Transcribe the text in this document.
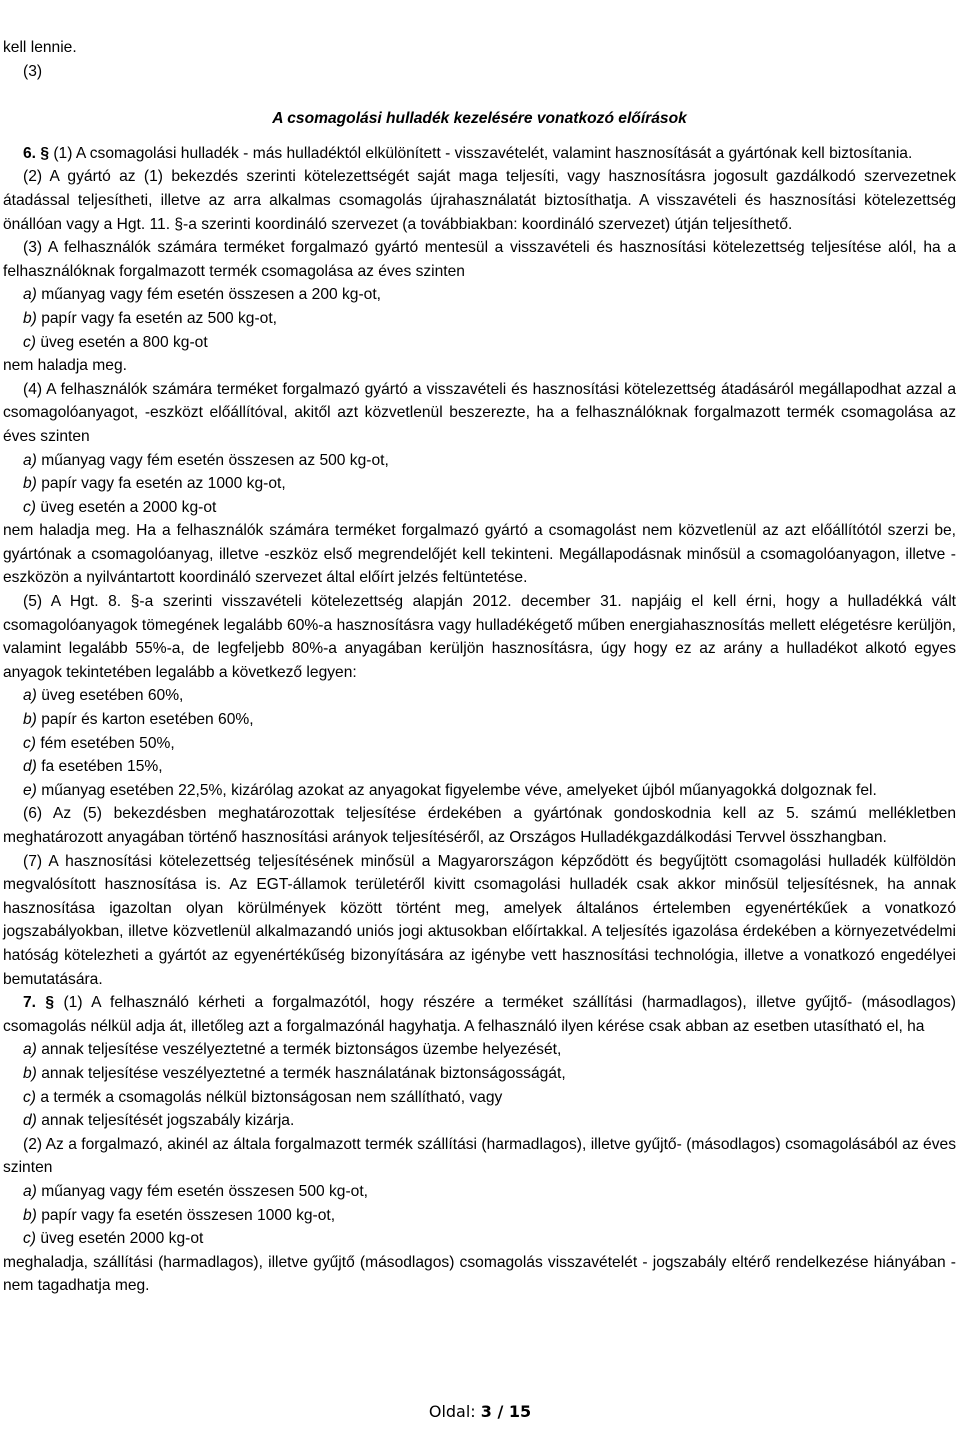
kell lennie.

(3)

A csomagolási hulladék kezelésére vonatkozó előírások

6. § (1) A csomagolási hulladék - más hulladéktól elkülönített - visszavételét, valamint hasznosítását a gyártónak kell biztosítania.

(2) A gyártó az (1) bekezdés szerinti kötelezettségét saját maga teljesíti, vagy hasznosításra jogosult gazdálkodó szervezetnek átadással teljesítheti, illetve az arra alkalmas csomagolás újrahasználatát biztosíthatja. A visszavételi és hasznosítási kötelezettség önállóan vagy a Hgt. 11. §-a szerinti koordináló szervezet (a továbbiakban: koordináló szervezet) útján teljesíthető.

(3) A felhasználók számára terméket forgalmazó gyártó mentesül a visszavételi és hasznosítási kötelezettség teljesítése alól, ha a felhasználóknak forgalmazott termék csomagolása az éves szinten

a) műanyag vagy fém esetén összesen a 200 kg-ot,

b) papír vagy fa esetén az 500 kg-ot,

c) üveg esetén a 800 kg-ot

nem haladja meg.

(4) A felhasználók számára terméket forgalmazó gyártó a visszavételi és hasznosítási kötelezettség átadásáról megállapodhat azzal a csomagolóanyagot, -eszközt előállítóval, akitől azt közvetlenül beszerezte, ha a felhasználóknak forgalmazott termék csomagolása az éves szinten

a) műanyag vagy fém esetén összesen az 500 kg-ot,

b) papír vagy fa esetén az 1000 kg-ot,

c) üveg esetén a 2000 kg-ot

nem haladja meg. Ha a felhasználók számára terméket forgalmazó gyártó a csomagolást nem közvetlenül az azt előállítótól szerzi be, gyártónak a csomagolóanyag, illetve -eszköz első megrendelőjét kell tekinteni. Megállapodásnak minősül a csomagolóanyagon, illetve -eszközön a nyilvántartott koordináló szervezet által előírt jelzés feltüntetése.

(5) A Hgt. 8. §-a szerinti visszavételi kötelezettség alapján 2012. december 31. napjáig el kell érni, hogy a hulladékká vált csomagolóanyagok tömegének legalább 60%-a hasznosításra vagy hulladékégető műben energiahasznosítás mellett elégetésre kerüljön, valamint legalább 55%-a, de legfeljebb 80%-a anyagában kerüljön hasznosításra, úgy hogy ez az arány a hulladékot alkotó egyes anyagok tekintetében legalább a következő legyen:

a) üveg esetében 60%,

b) papír és karton esetében 60%,

c) fém esetében 50%,

d) fa esetében 15%,

e) műanyag esetében 22,5%, kizárólag azokat az anyagokat figyelembe véve, amelyeket újból műanyagokká dolgoznak fel.

(6) Az (5) bekezdésben meghatározottak teljesítése érdekében a gyártónak gondoskodnia kell az 5. számú mellékletben meghatározott anyagában történő hasznosítási arányok teljesítéséről, az Országos Hulladékgazdálkodási Tervvel összhangban.

(7) A hasznosítási kötelezettség teljesítésének minősül a Magyarországon képződött és begyűjtött csomagolási hulladék külföldön megvalósított hasznosítása is. Az EGT-államok területéről kivitt csomagolási hulladék csak akkor minősül teljesítésnek, ha annak hasznosítása igazoltan olyan körülmények között történt meg, amelyek általános értelemben egyenértékűek a vonatkozó jogszabályokban, illetve közvetlenül alkalmazandó uniós jogi aktusokban előírtakkal. A teljesítés igazolása érdekében a környezetvédelmi hatóság kötelezheti a gyártót az egyenértékűség bizonyítására az igénybe vett hasznosítási technológia, illetve a vonatkozó engedélyei bemutatására.

7. § (1) A felhasználó kérheti a forgalmazótól, hogy részére a terméket szállítási (harmadlagos), illetve gyűjtő- (másodlagos) csomagolás nélkül adja át, illetőleg azt a forgalmazónál hagyhatja. A felhasználó ilyen kérése csak abban az esetben utasítható el, ha

a) annak teljesítése veszélyeztetné a termék biztonságos üzembe helyezését,

b) annak teljesítése veszélyeztetné a termék használatának biztonságosságát,

c) a termék a csomagolás nélkül biztonságosan nem szállítható, vagy

d) annak teljesítését jogszabály kizárja.

(2) Az a forgalmazó, akinél az általa forgalmazott termék szállítási (harmadlagos), illetve gyűjtő- (másodlagos) csomagolásából az éves szinten

a) műanyag vagy fém esetén összesen 500 kg-ot,

b) papír vagy fa esetén összesen 1000 kg-ot,

c) üveg esetén 2000 kg-ot

meghaladja, szállítási (harmadlagos), illetve gyűjtő (másodlagos) csomagolás visszavételét - jogszabály eltérő rendelkezése hiányában - nem tagadhatja meg.

Oldal: 3 / 15
